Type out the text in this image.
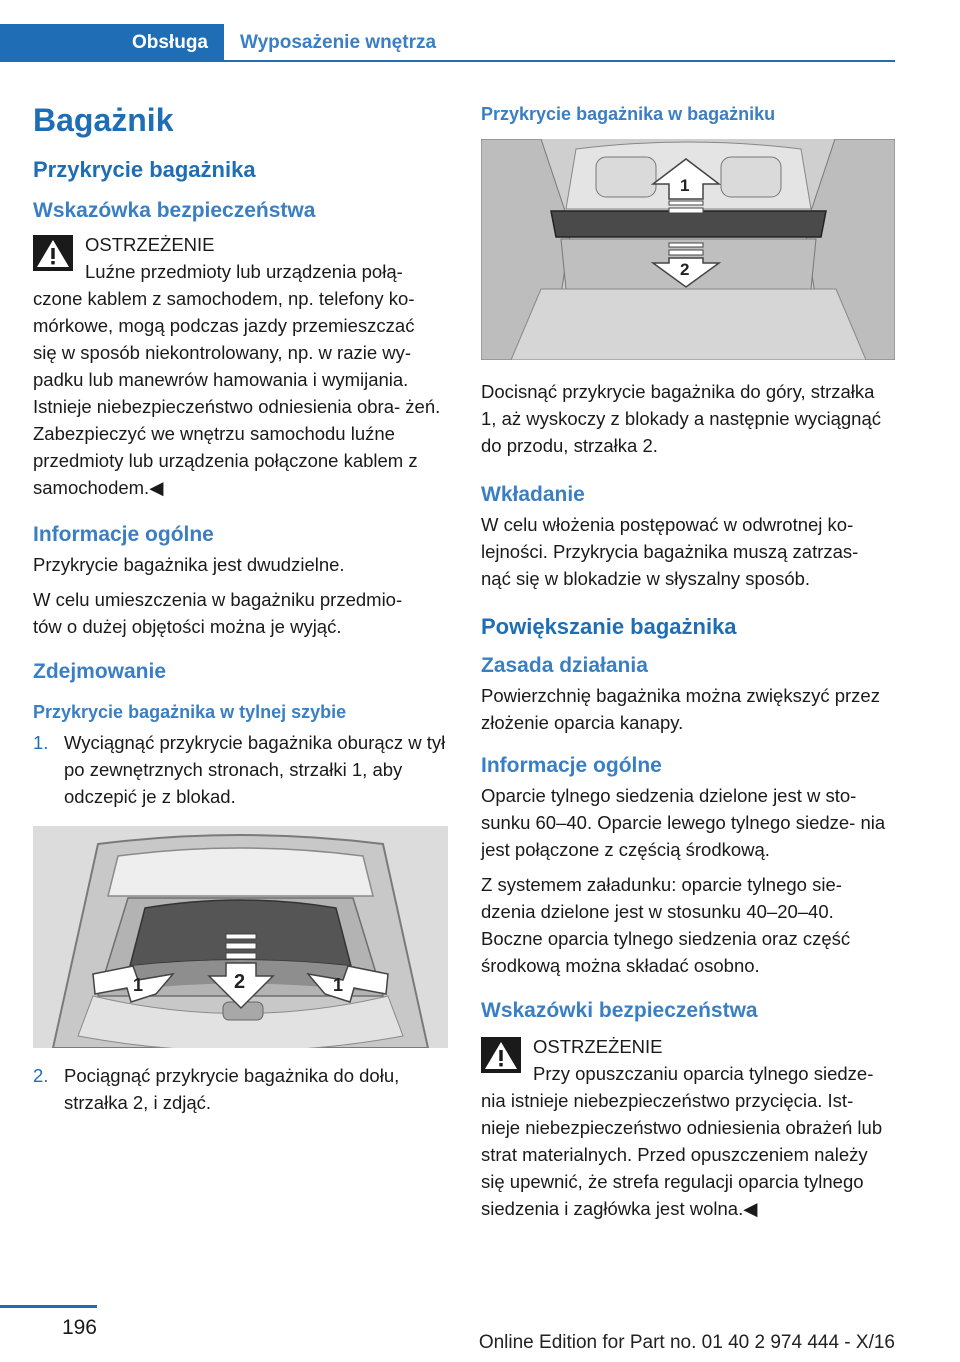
Obsługa	Wyposażenie wnętrza
Bagażnik
Przykrycie bagażnika
Wskazówka bezpieczeństwa
OSTRZEŻENIE
Luźne przedmioty lub urządzenia połą‐

czone kablem z samochodem, np. telefony ko‐ mórkowe, mogą podczas jazdy przemieszczać się w sposób niekontrolowany, np. w razie wy‐ padku lub manewrów hamowania i wymijania. Istnieje niebezpieczeństwo odniesienia obra‐ żeń. Zabezpieczyć we wnętrzu samochodu luźne przedmioty lub urządzenia połączone kablem z samochodem.◀

Informacje ogólne

Przykrycie bagażnika jest dwudzielne.

W celu umieszczenia w bagażniku przedmio‐ tów o dużej objętości można je wyjąć.

Zdejmowanie
Przykrycie bagażnika w tylnej szybie
1. Wyciągnąć przykrycie bagażnika oburącz w tył po zewnętrznych stronach, strzałki 1, aby odczepić je z blokad.
1	1
2
2. Pociągnąć przykrycie bagażnika do dołu, strzałka 2, i zdjąć.
Przykrycie bagażnika w bagażniku
1
2

Docisnąć przykrycie bagażnika do góry, strzałka 1, aż wyskoczy z blokady a następnie wyciągnąć do przodu, strzałka 2.

Wkładanie

W celu włożenia postępować w odwrotnej ko‐ lejności. Przykrycia bagażnika muszą zatrzas‐ nąć się w blokadzie w słyszalny sposób.

Powiększanie bagażnika
Zasada działania

Powierzchnię bagażnika można zwiększyć przez złożenie oparcia kanapy.

Informacje ogólne

Oparcie tylnego siedzenia dzielone jest w sto‐ sunku 60–40. Oparcie lewego tylnego siedze‐ nia jest połączone z częścią środkową.

Z systemem załadunku: oparcie tylnego sie‐ dzenia dzielone jest w stosunku 40–20–40. Boczne oparcia tylnego siedzenia oraz część środkową można składać osobno.

Wskazówki bezpieczeństwa
OSTRZEŻENIE
Przy opuszczaniu oparcia tylnego siedze‐

nia istnieje niebezpieczeństwo przycięcia. Ist‐ nieje niebezpieczeństwo odniesienia obrażeń lub strat materialnych. Przed opuszczeniem należy się upewnić, że strefa regulacji oparcia tylnego siedzenia i zagłówka jest wolna.◀

196
Online Edition for Part no. 01 40 2 974 444 - X/16
